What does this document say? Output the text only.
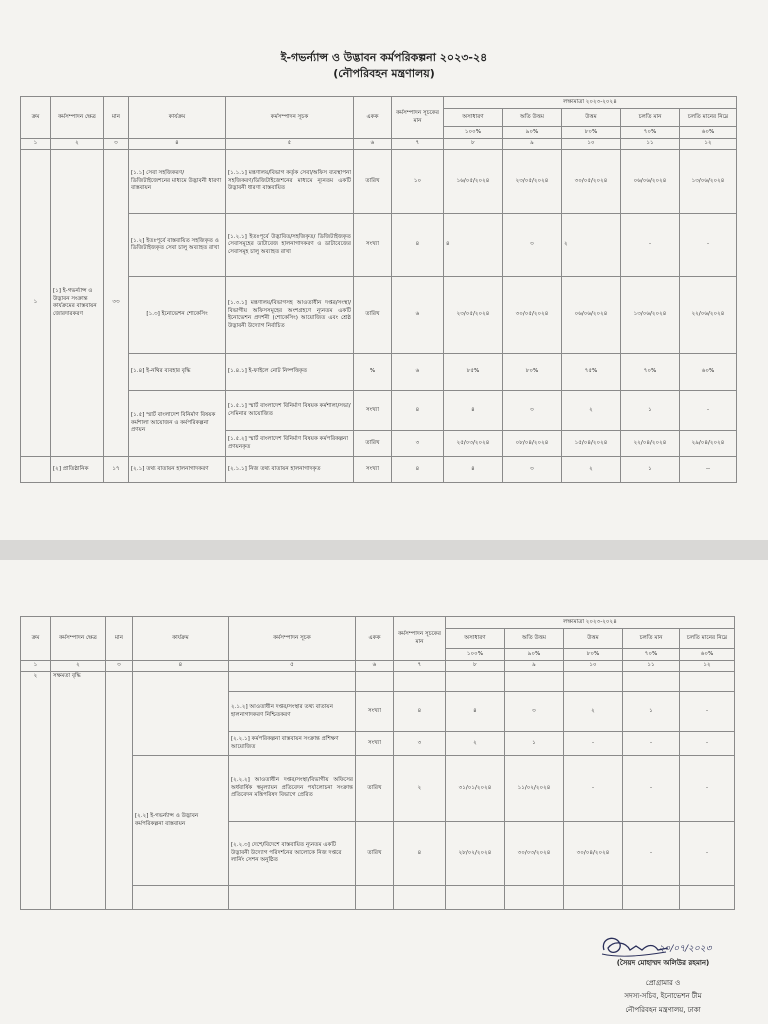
ই-গভর্ন্যান্স ও উদ্ভাবন কর্মপরিকল্পনা ২০২৩-২৪
(নৌপরিবহন মন্ত্রণালয়)
ক্রম	কর্মসম্পাদন ক্ষেত্র	মান	কার্যক্রম	কর্মসম্পাদন সূচক	একক	কর্মসম্পাদন সূচকের মান	লক্ষ্যমাত্রা ২০২৩-২০২৪				
							অসাধারণ	অতি উত্তম	উত্তম	চলতি মান	চলতি মানের নিম্নে
							১০০%	৯০%	৮০%	৭০%	৬০%
১	২	৩	৪	৫	৬	৭	৮	৯	১০	১১	১২
১	[১] ই-গভর্ন্যান্স ও উদ্ভাবন সংক্রান্ত কার্যক্রমের বাস্তবায়ন জোরদারকরণ	৩৩	[১.১] সেবা সহজিকরণ/ ডিজিটাইজেশনের মাধ্যমে উদ্ভাবনী ধারণা বাস্তবায়ন	[১.১.১] মন্ত্রণালয়/বিভাগ কর্তৃক সেবা/অফিস ব্যবস্থাপনা সহজিকরণ/ডিজিটাইজেশনের মাধ্যমে ন্যূনতম একটি উদ্ভাবনী ধারণা বাস্তবায়িত	তারিখ	১০	১৬/০৫/২০২৪	২৩/০৫/২০২৪	৩০/০৫/২০২৪	০৬/০৬/২০২৪	১৩/০৬/২০২৪
			[১.২] ইতঃপূর্বে বাস্তবায়িত সহজিকৃত ও ডিজিটাইজকৃত সেবা চালু অব্যাহত রাখা	[১.২.১] ইতঃপূর্বে উদ্ভাবিত/সহজিকৃত/ ডিজিটাইজকৃত সেবাসমূহের ডাটাবেজ হালনাগাদকরণ ও ডাটাবেজের সেবাসমূহ চালু অব্যাহত রাখা	সংখ্যা	৪	৪	৩	২	-	-
			[১.৩] ইনোভেশন শোকেসিং	[১.৩.১] মন্ত্রণালয়/বিভাগসহ আওতাধীন দপ্তর/সংস্থা/বিভাগীয় অফিসসমূহের অংশগ্রহণে ন্যূনতম একটি ইনোভেশন প্রদর্শনী (শোকেসিং) আয়োজিত এবং শ্রেষ্ঠ উদ্ভাবনী উদ্যোগ নির্বাচিত	তারিখ	৬	২৩/০৫/২০২৪	৩০/০৫/২০২৪	০৬/০৬/২০২৪	১৩/০৬/২০২৪	২২/০৬/২০২৪
			[১.৪] ই-নথির ব্যবহার বৃদ্ধি	[১.৪.১] ই-ফাইলে নোট নিষ্পত্তিকৃত	%	৬	৮৫%	৮০%	৭৫%	৭০%	৬০%
			[১.৫] স্মার্ট বাংলাদেশ বিনির্মাণ বিষয়ক কর্মশালা আয়োজন ও কর্মপরিকল্পনা প্রণয়ন	[১.৫.১] স্মার্ট বাংলাদেশ বিনির্মাণ বিষয়ক কর্মশালা/সভা/সেমিনার আয়োজিত	সংখ্যা	৪	৪	৩	২	১	-
				[১.৫.২] স্মার্ট বাংলাদেশ বিনির্মাণ বিষয়ক কর্মপরিকল্পনা প্রণয়নকৃত	তারিখ	৩	২৫/০৩/২০২৪	০৮/০৪/২০২৪	১৫/০৪/২০২৪	২২/০৪/২০২৪	২৯/০৪/২০২৪
	[২] প্রাতিষ্ঠানিক	১৭	[২.১] তথ্য বাতায়ন হালনাগাদকরণ	[২.১.১] নিজ তথ্য বাতায়ন হালনাগাদকৃত	সংখ্যা	৪	৪	৩	২	১	--
ক্রম	কর্মসম্পাদন ক্ষেত্র	মান	কার্যক্রম	কর্মসম্পাদন সূচক	একক	কর্মসম্পাদন সূচকের মান	লক্ষ্যমাত্রা ২০২৩-২০২৪				
							অসাধারণ	অতি উত্তম	উত্তম	চলতি মান	চলতি মানের নিম্নে
							১০০%	৯০%	৮০%	৭০%	৬০%
১	২	৩	৪	৫	৬	৭	৮	৯	১০	১১	১২
২	সক্ষমতা বৃদ্ধি										
				২.১.২] আওতাধীন দপ্তর/সংস্থার তথ্য বাতায়ন হালনাগাদকরণ নিশ্চিতকরণ	সংখ্যা	৪	৪	৩	২	১	-
				[২.২.১] কর্মপরিকল্পনা বাস্তবায়ন সংক্রান্ত প্রশিক্ষণ আয়োজিত	সংখ্যা	৩	২	১	-	-	-
			[২.২] ই-গভর্ন্যান্স ও উদ্ভাবন কর্মপরিকল্পনা বাস্তবায়ন	[২.২.২] আওতাধীন দপ্তর/সংস্থা/বিভাগীয় অফিসের অর্ধবার্ষিক স্বমূল্যায়ন প্রতিবেদন পর্যালোচনা সংক্রান্ত প্রতিবেদন মন্ত্রিপরিষদ বিভাগে প্রেরিত	তারিখ	২	৩১/০১/২০২৪	১১/০২/২০২৪	-	-	-
				[২.২.৩] দেশে/বিদেশে বাস্তবায়িত ন্যূনতম একটি উদ্ভাবনী উদ্যোগ পরিদর্শনের আলোকে নিজ দপ্তরে লার্নিং সেশন অনুষ্ঠিত	তারিখ	৪	২৮/০২/২০২৪	৩০/০৩/২০২৪	৩০/০৪/২০২৪	-	-

২০/০৭/২০২৩
(সৈয়দ মোহাম্মদ অলিউর রহমান)
প্রোগ্রামার ও
সদস্য-সচিব, ইনোভেশন টীম
নৌপরিবহন মন্ত্রণালয়, ঢাকা
